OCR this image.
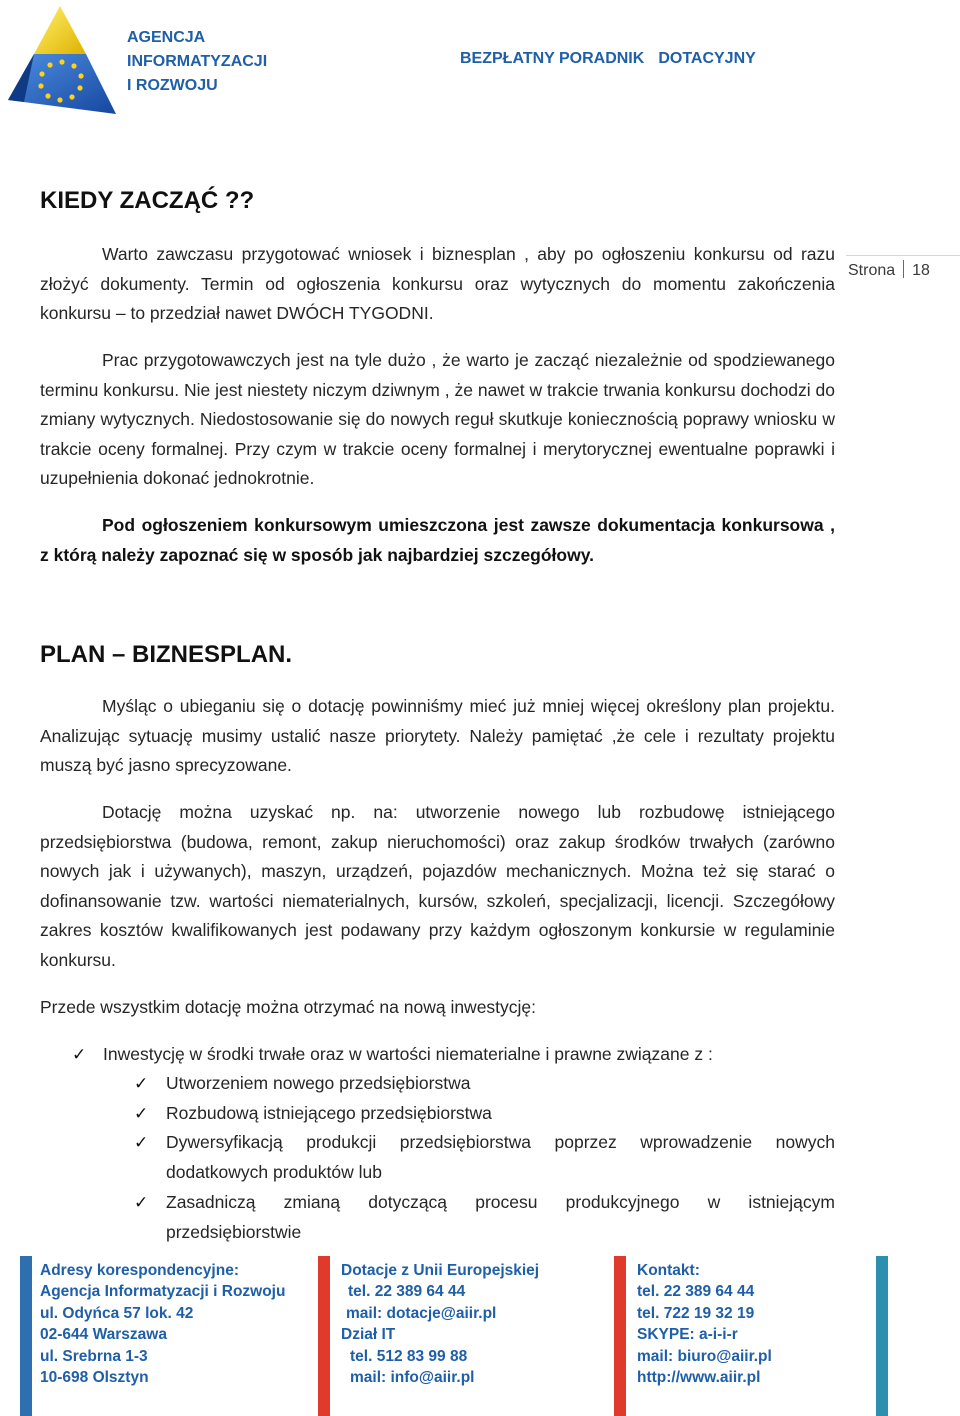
AGENCJA
INFORMATYZACJI
I ROZWOJU
BEZPŁATNY PORADNIK DOTACYJNY
Strona 18
KIEDY ZACZĄĆ ??

Warto zawczasu przygotować wniosek i biznesplan , aby po ogłoszeniu konkursu od razu złożyć dokumenty. Termin od ogłoszenia konkursu oraz wytycznych do momentu zakończenia konkursu – to przedział nawet DWÓCH TYGODNI.

Prac przygotowawczych jest na tyle dużo , że warto je zacząć niezależnie od spodziewanego terminu konkursu. Nie jest niestety niczym dziwnym , że nawet w trakcie trwania konkursu dochodzi do zmiany wytycznych. Niedostosowanie się do nowych reguł skutkuje koniecznością poprawy wniosku w trakcie oceny formalnej. Przy czym w trakcie oceny formalnej i merytorycznej ewentualne poprawki i uzupełnienia dokonać jednokrotnie.

Pod ogłoszeniem konkursowym umieszczona jest zawsze dokumentacja konkursowa , z którą należy zapoznać się w sposób jak najbardziej szczegółowy.

PLAN – BIZNESPLAN.

Myśląc o ubieganiu się o dotację powinniśmy mieć już mniej więcej określony plan projektu. Analizując sytuację musimy ustalić nasze priorytety. Należy pamiętać ,że cele i rezultaty projektu muszą być jasno sprecyzowane.

Dotację można uzyskać np. na: utworzenie nowego lub rozbudowę istniejącego przedsiębiorstwa (budowa, remont, zakup nieruchomości) oraz zakup środków trwałych (zarówno nowych jak i używanych), maszyn, urządzeń, pojazdów mechanicznych. Można też się starać o dofinansowanie tzw. wartości niematerialnych, kursów, szkoleń, specjalizacji, licencji. Szczegółowy zakres kosztów kwalifikowanych jest podawany przy każdym ogłoszonym konkursie w regulaminie konkursu.

Przede wszystkim dotację można otrzymać na nową inwestycję:

✓ Inwestycję w środki trwałe oraz w wartości niematerialne i prawne związane z :
✓ Utworzeniem nowego przedsiębiorstwa
✓ Rozbudową istniejącego przedsiębiorstwa
✓ Dywersyfikacją produkcji przedsiębiorstwa poprzez wprowadzenie nowych dodatkowych produktów lub
✓ Zasadniczą zmianą dotyczącą procesu produkcyjnego w istniejącym przedsiębiorstwie
Adresy korespondencyjne:
Agencja Informatyzacji i Rozwoju
ul. Odyńca 57 lok. 42
02-644 Warszawa
ul. Srebrna 1-3
10-698 Olsztyn
Dotacje z Unii Europejskiej
tel. 22 389 64 44
mail: dotacje@aiir.pl
Dział IT
tel. 512 83 99 88
mail: info@aiir.pl
Kontakt:
tel. 22 389 64 44
tel. 722 19 32 19
SKYPE: a-i-i-r
mail: biuro@aiir.pl
http://www.aiir.pl
